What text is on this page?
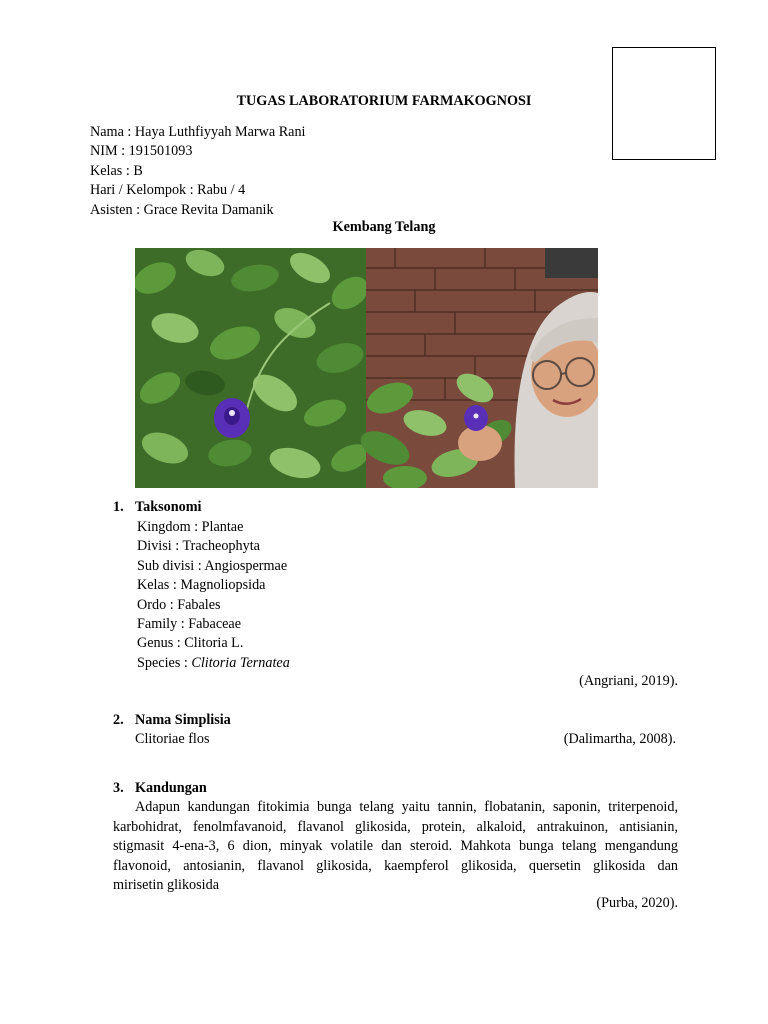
TUGAS LABORATORIUM FARMAKOGNOSI
Nama : Haya Luthfiyyah Marwa Rani
NIM : 191501093
Kelas : B
Hari / Kelompok : Rabu / 4
Asisten : Grace Revita Damanik
Kembang Telang
1. Taksonomi
Kingdom : Plantae
Divisi : Tracheophyta
Sub divisi : Angiospermae
Kelas : Magnoliopsida
Ordo : Fabales
Family : Fabaceae
Genus : Clitoria L.
Species : Clitoria Ternatea
(Angriani, 2019).
2. Nama Simplisia
Clitoriae flos	(Dalimartha, 2008).
3. Kandungan
Adapun kandungan fitokimia bunga telang yaitu tannin, flobatanin, saponin, triterpenoid,
karbohidrat, fenolmfavanoid, flavanol glikosida, protein, alkaloid, antrakuinon, antisianin,
stigmasit 4-ena-3, 6 dion, minyak volatile dan steroid. Mahkota bunga telang mengandung
flavonoid, antosianin, flavanol glikosida, kaempferol glikosida, quersetin glikosida dan
mirisetin glikosida
(Purba, 2020).
